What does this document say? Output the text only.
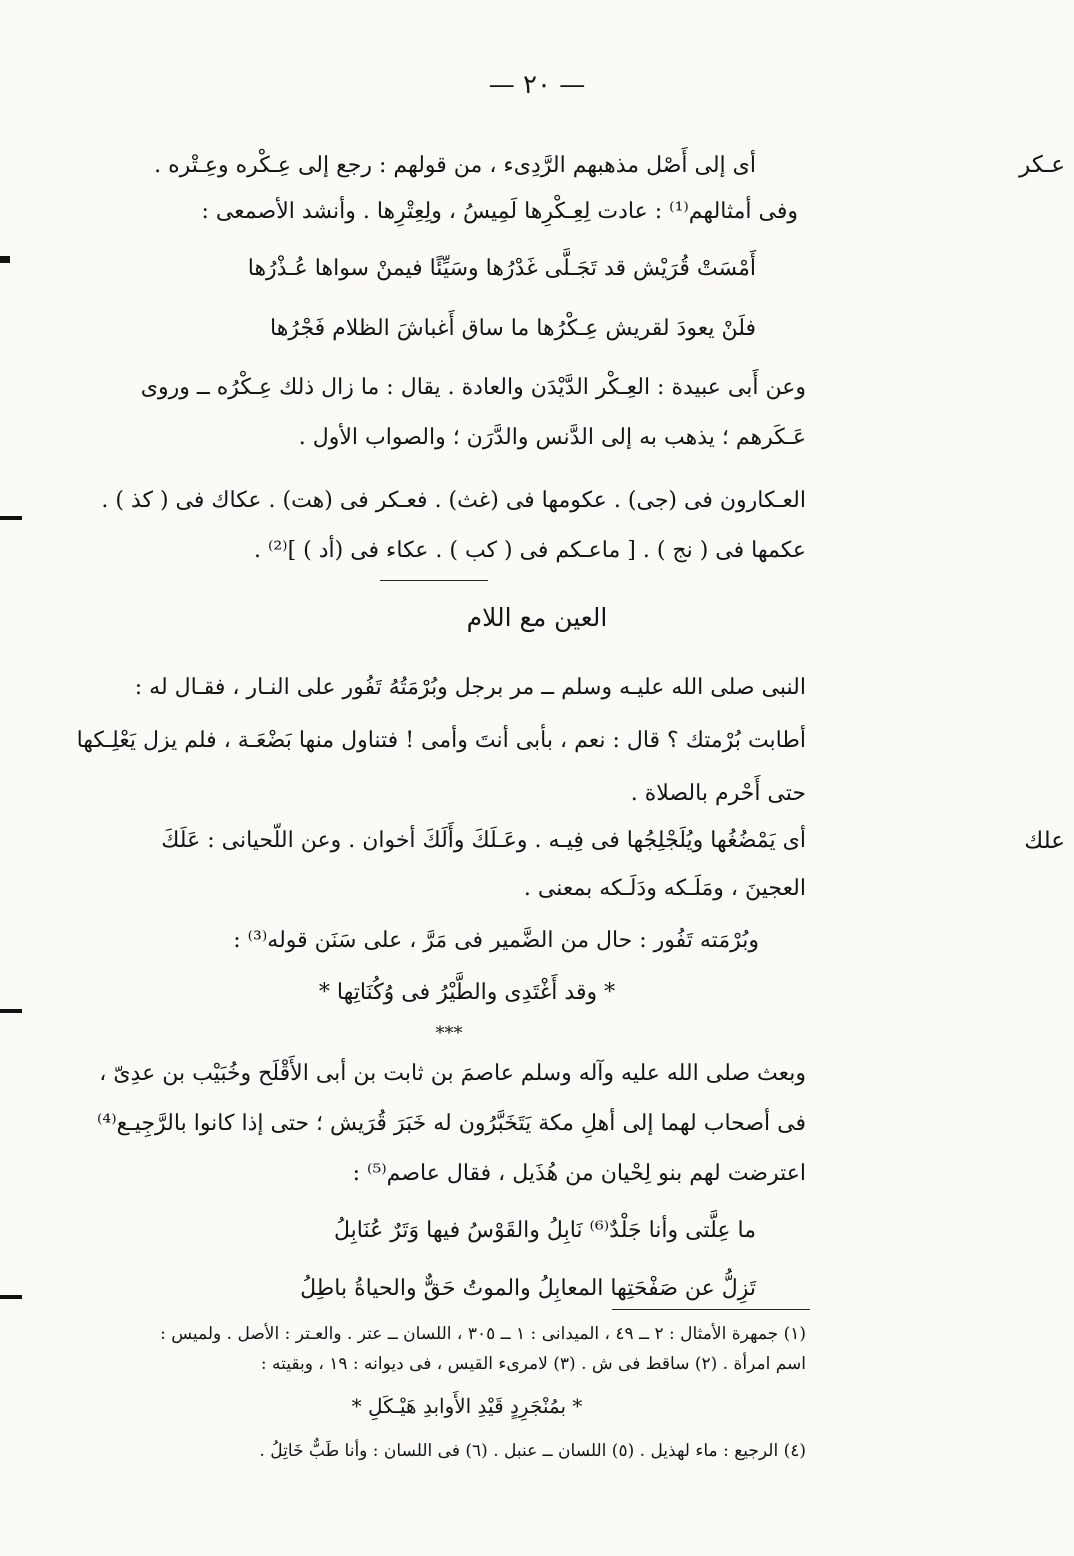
— ٢٠ —
عـكر
أى إلى أَصْل مذهبهم الرَّدِىء ، من قولهم : رجع إلى عِـكْره وعِـتْره .
وفى أمثالهم⁽¹⁾ : عادت لِعِـكْرِها لَمِيسُ ، ولِعِتْرِها . وأنشد الأصمعى :
أَمْسَتْ قُرَيْش قد تَجَـلَّى غَدْرُها وسَيِّئًا فيمنْ سواها عُـذْرُها
فلَنْ يعودَ لقريش عِـكْرُها ما ساق أَغباشَ الظلام فَجْرُها
وعن أَبى عبيدة : العِـكْر الدَّيْدَن والعادة . يقال : ما زال ذلك عِـكْرُه ــ وروى
عَـكَرهم ؛ يذهب به إلى الدَّنس والدَّرَن ؛ والصواب الأول .
العـكارون فى (جى) . عكومها فى (غث) . فعـكر فى (هت) . عكاك فى ( كذ ) .
عكمها فى ( نج ) . [ ماعـكم فى ( كب ) . عكاء فى (أد ) ]⁽²⁾ .
العين مع اللام
النبى صلى الله عليـه وسلم ــ مر برجل وبُرْمَتُهُ تَفُور على النـار ، فقـال له :
أطابت بُرْمتك ؟ قال : نعم ، بأبى أنتَ وأمى ! فتناول منها بَضْعَـة ، فلم يزل يَعْلِـكها
حتى أَحْرم بالصلاة .
علك
أى يَمْضُغُها ويُلَجْلِجُها فى فِيـه . وعَـلَكَ وأَلَكَ أخوان . وعن اللّحيانى : عَلَكَ
العجينَ ، ومَلَـكه ودَلَـكه بمعنى .
وبُرْمَته تَفُور : حال من الضَّمير فى مَرَّ ، على سَنَن قوله⁽³⁾ :
* وقد أَغْتَدِى والطَّيْرُ فى وُكُنَاتِها *
***
وبعث صلى الله عليه وآله وسلم عاصمَ بن ثابت بن أبى الأَقْلَح وخُبَيْب بن عدِىّ ،
فى أصحاب لهما إلى أهلِ مكة يَتَخَبَّرُون له خَبَرَ قُرَيش ؛ حتى إذا كانوا بالرَّجِيـع⁽⁴⁾
اعترضت لهم بنو لِحْيان من هُذَيل ، فقال عاصم⁽⁵⁾ :
ما عِلَّتى وأنا جَلْدٌ⁽⁶⁾ نَابِلُ والقَوْسُ فيها وَتَرٌ عُنَابِلُ
تَزِلُّ عن صَفْحَتِها المعابِلُ والموتُ حَقٌّ والحياةُ باطِلُ
(١) جمهرة الأمثال : ٢ ــ ٤٩ ، الميدانى : ١ ــ ٣٠٥ ، اللسان ــ عتر . والعـتر : الأصل . ولميس :
اسم امرأة . (٢) ساقط فى ش . (٣) لامرىء القيس ، فى ديوانه : ١٩ ، وبقيته :
* بمُنْجَرِدٍ قَيْدِ الأَوابدِ هَيْـكَلِ *
(٤) الرجيع : ماء لهذيل . (٥) اللسان ــ عنبل . (٦) فى اللسان : وأنا طَبٌّ خَاتِلُ .
